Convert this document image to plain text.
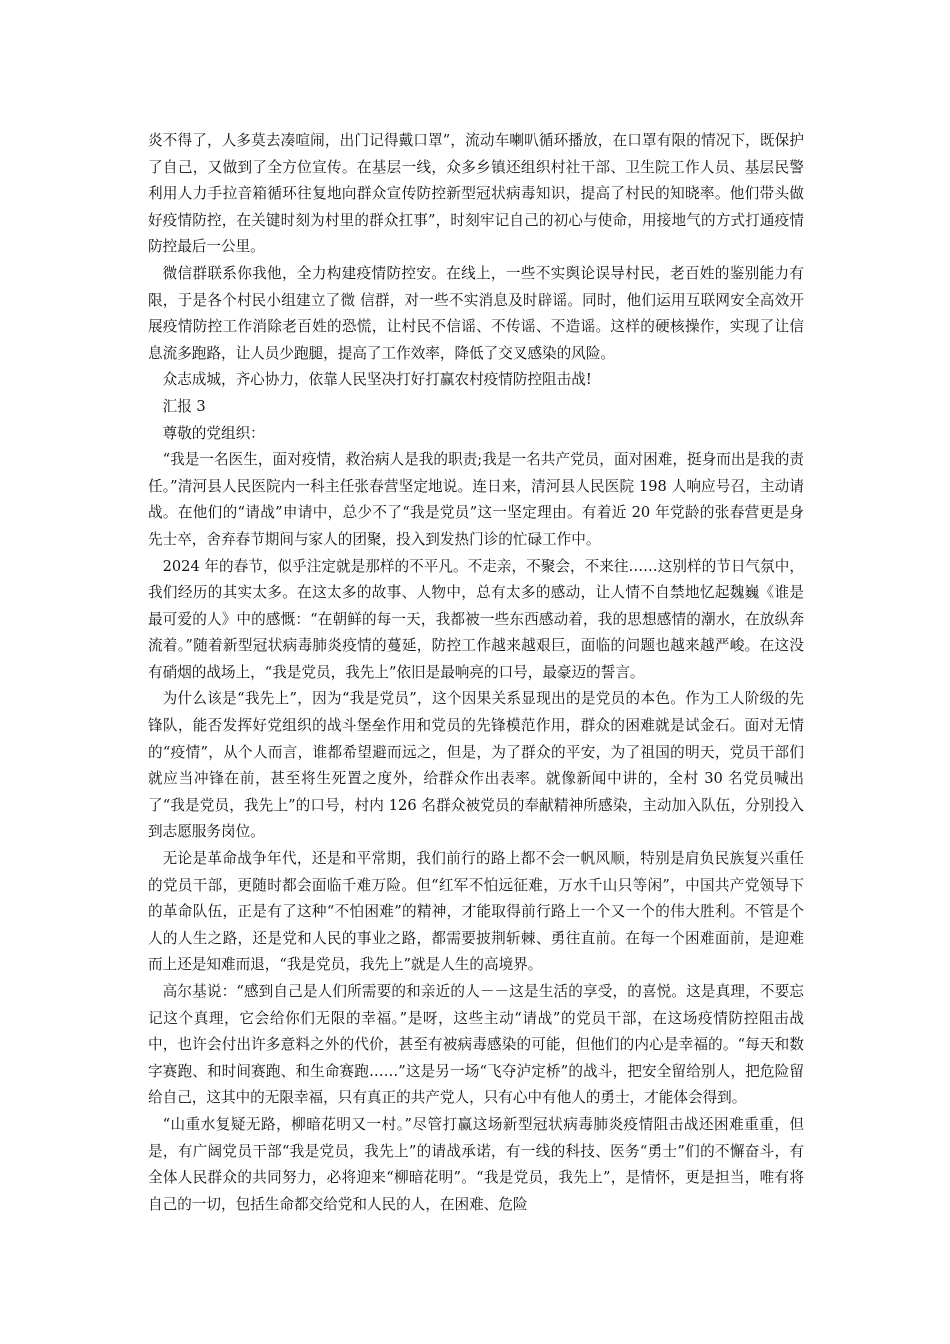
炎不得了，人多莫去凑喧闹，出门记得戴口罩”，流动车喇叭循环播放，在口罩有限的情况下，既保护了自己，又做到了全方位宣传。在基层一线，众多乡镇还组织村社干部、卫生院工作人员、基层民警利用人力手拉音箱循环往复地向群众宣传防控新型冠状病毒知识，提高了村民的知晓率。他们带头做好疫情防控，在关键时刻为村里的群众扛事”，时刻牢记自己的初心与使命，用接地气的方式打通疫情防控最后一公里。

微信群联系你我他，全力构建疫情防控安。在线上，一些不实舆论误导村民，老百姓的鉴别能力有限，于是各个村民小组建立了微 信群，对一些不实消息及时辟谣。同时，他们运用互联网安全高效开展疫情防控工作消除老百姓的恐慌，让村民不信谣、不传谣、不造谣。这样的硬核操作，实现了让信息流多跑路，让人员少跑腿，提高了工作效率，降低了交叉感染的风险。

众志成城，齐心协力，依靠人民坚决打好打赢农村疫情防控阻击战!

汇报 3

尊敬的党组织：

“我是一名医生，面对疫情，救治病人是我的职责;我是一名共产党员，面对困难，挺身而出是我的责任。”清河县人民医院内一科主任张春营坚定地说。连日来，清河县人民医院 198 人响应号召，主动请战。在他们的“请战”申请中，总少不了“我是党员”这一坚定理由。有着近 20 年党龄的张春营更是身先士卒，舍弃春节期间与家人的团聚，投入到发热门诊的忙碌工作中。

2024 年的春节，似乎注定就是那样的不平凡。不走亲，不聚会，不来往……这别样的节日气氛中，我们经历的其实太多。在这太多的故事、人物中，总有太多的感动，让人情不自禁地忆起魏巍《谁是最可爱的人》中的感慨：“在朝鲜的每一天，我都被一些东西感动着，我的思想感情的潮水，在放纵奔流着。”随着新型冠状病毒肺炎疫情的蔓延，防控工作越来越艰巨，面临的问题也越来越严峻。在这没有硝烟的战场上，“我是党员，我先上”依旧是最响亮的口号，最豪迈的誓言。

为什么该是“我先上”，因为“我是党员”，这个因果关系显现出的是党员的本色。作为工人阶级的先锋队，能否发挥好党组织的战斗堡垒作用和党员的先锋模范作用，群众的困难就是试金石。面对无情的“疫情”，从个人而言，谁都希望避而远之，但是，为了群众的平安，为了祖国的明天，党员干部们就应当冲锋在前，甚至将生死置之度外，给群众作出表率。就像新闻中讲的，全村 30 名党员喊出了“我是党员，我先上”的口号，村内 126 名群众被党员的奉献精神所感染，主动加入队伍，分别投入到志愿服务岗位。

无论是革命战争年代，还是和平常期，我们前行的路上都不会一帆风顺，特别是肩负民族复兴重任的党员干部，更随时都会面临千难万险。但“红军不怕远征难，万水千山只等闲”，中国共产党领导下的革命队伍，正是有了这种“不怕困难”的精神，才能取得前行路上一个又一个的伟大胜利。不管是个人的人生之路，还是党和人民的事业之路，都需要披荆斩棘、勇往直前。在每一个困难面前，是迎难而上还是知难而退，“我是党员，我先上”就是人生的高境界。

高尔基说：“感到自己是人们所需要的和亲近的人－－这是生活的享受，的喜悦。这是真理，不要忘记这个真理，它会给你们无限的幸福。”是呀，这些主动“请战”的党员干部，在这场疫情防控阻击战中，也许会付出许多意料之外的代价，甚至有被病毒感染的可能，但他们的内心是幸福的。“每天和数字赛跑、和时间赛跑、和生命赛跑……”这是另一场“飞夺泸定桥”的战斗，把安全留给别人，把危险留给自己，这其中的无限幸福，只有真正的共产党人，只有心中有他人的勇士，才能体会得到。

“山重水复疑无路，柳暗花明又一村。”尽管打赢这场新型冠状病毒肺炎疫情阻击战还困难重重，但是，有广阔党员干部“我是党员，我先上”的请战承诺，有一线的科技、医务“勇士”们的不懈奋斗，有全体人民群众的共同努力，必将迎来“柳暗花明”。“我是党员，我先上”，是情怀，更是担当，唯有将自己的一切，包括生命都交给党和人民的人，在困难、危险
